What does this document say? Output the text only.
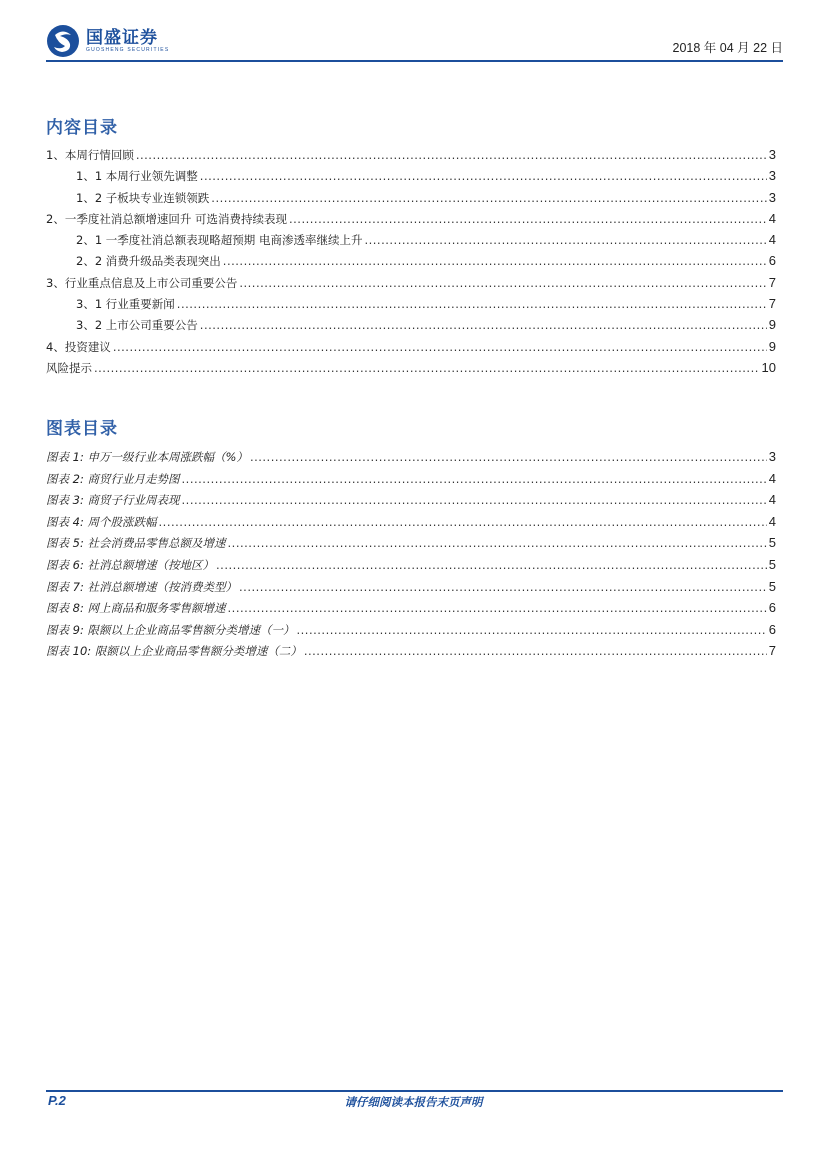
国盛证券
GUOSHENG SECURITIES	2018 年 04 月 22 日
内容目录
1、本周行情回顾 .....	3
1、1 本周行业领先调整 .....	3
1、2 子板块专业连锁领跌 .....	3
2、一季度社消总额增速回升 可选消费持续表现 .....	4
2、1 一季度社消总额表现略超预期 电商渗透率继续上升 .....	4
2、2 消费升级品类表现突出 .....	6
3、行业重点信息及上市公司重要公告 .....	7
3、1 行业重要新闻 .....	7
3、2 上市公司重要公告 .....	9
4、投资建议 .....	9
风险提示 .....	10
图表目录
图表 1: 申万一级行业本周涨跌幅（%） .....	3
图表 2: 商贸行业月走势图 .....	4
图表 3: 商贸子行业周表现 .....	4
图表 4: 周个股涨跌幅 .....	4
图表 5: 社会消费品零售总额及增速 .....	5
图表 6: 社消总额增速（按地区） .....	5
图表 7: 社消总额增速（按消费类型） .....	5
图表 8: 网上商品和服务零售额增速 .....	6
图表 9: 限额以上企业商品零售额分类增速（一） .....	6
图表 10: 限额以上企业商品零售额分类增速（二） .....	7
P.2	请仔细阅读本报告末页声明
